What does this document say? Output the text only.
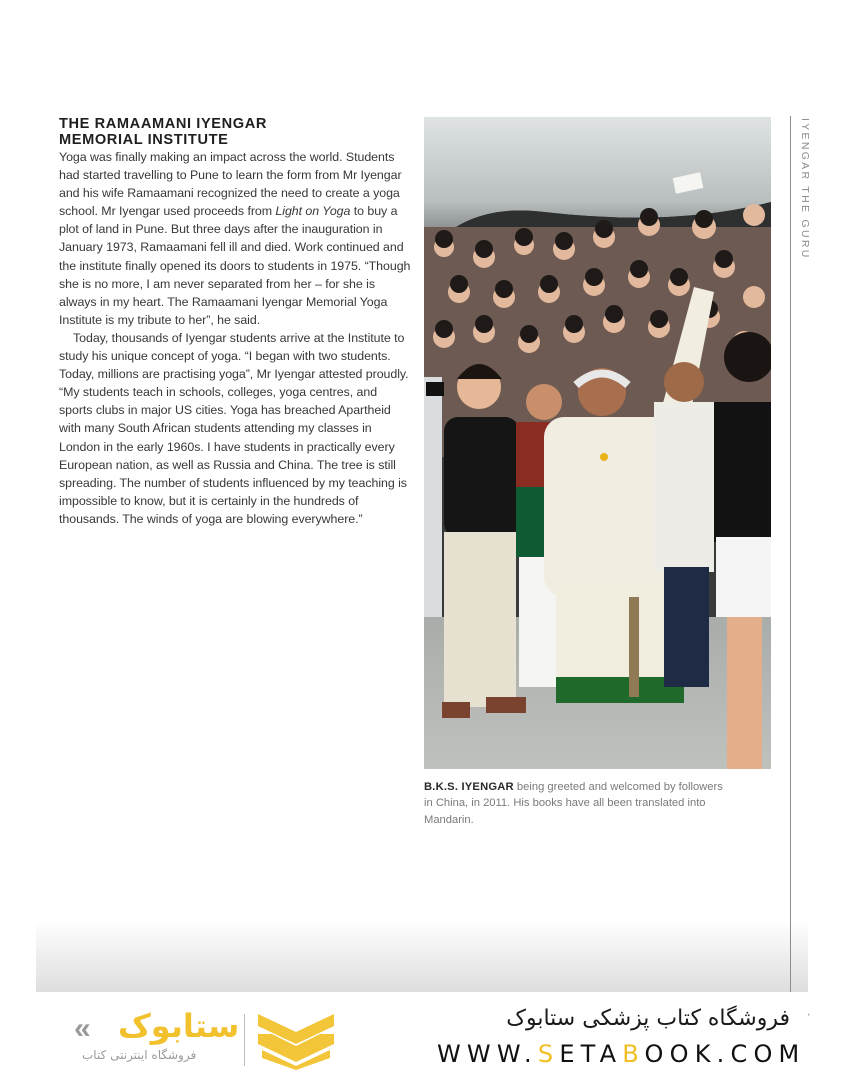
THE RAMAAMANI IYENGAR
MEMORIAL INSTITUTE

Yoga was finally making an impact across the world. Students had started travelling to Pune to learn the form from Mr Iyengar and his wife Ramaamani recognized the need to create a yoga school. Mr Iyengar used proceeds from Light on Yoga to buy a plot of land in Pune. But three days after the inauguration in January 1973, Ramaamani fell ill and died. Work continued and the institute finally opened its doors to students in 1975. “Though she is no more, I am never separated from her – for she is always in my heart. The Ramaamani Iyengar Memorial Yoga Institute is my tribute to her”, he said.

Today, thousands of Iyengar students arrive at the Institute to study his unique concept of yoga. “I began with two students. Today, millions are practising yoga”, Mr Iyengar attested proudly. “My students teach in schools, colleges, yoga centres, and sports clubs in major US cities. Yoga has breached Apartheid with many South African students attending my classes in London in the early 1960s. I have students in practically every European nation, as well as Russia and China. The tree is still spreading. The number of students influenced by my teaching is impossible to know, but it is certainly in the hundreds of thousands. The winds of yoga are blowing everywhere.”

B.K.S. IYENGAR being greeted and welcomed by followers in China, in 2011. His books have all been translated into Mandarin.
IYENGAR THE GURU
ʼ
« ستابوک
فروشگاه اینترنتی کتاب
فروشگاه کتاب پزشکی ستابوک
WWW.SETABOOK.COM
